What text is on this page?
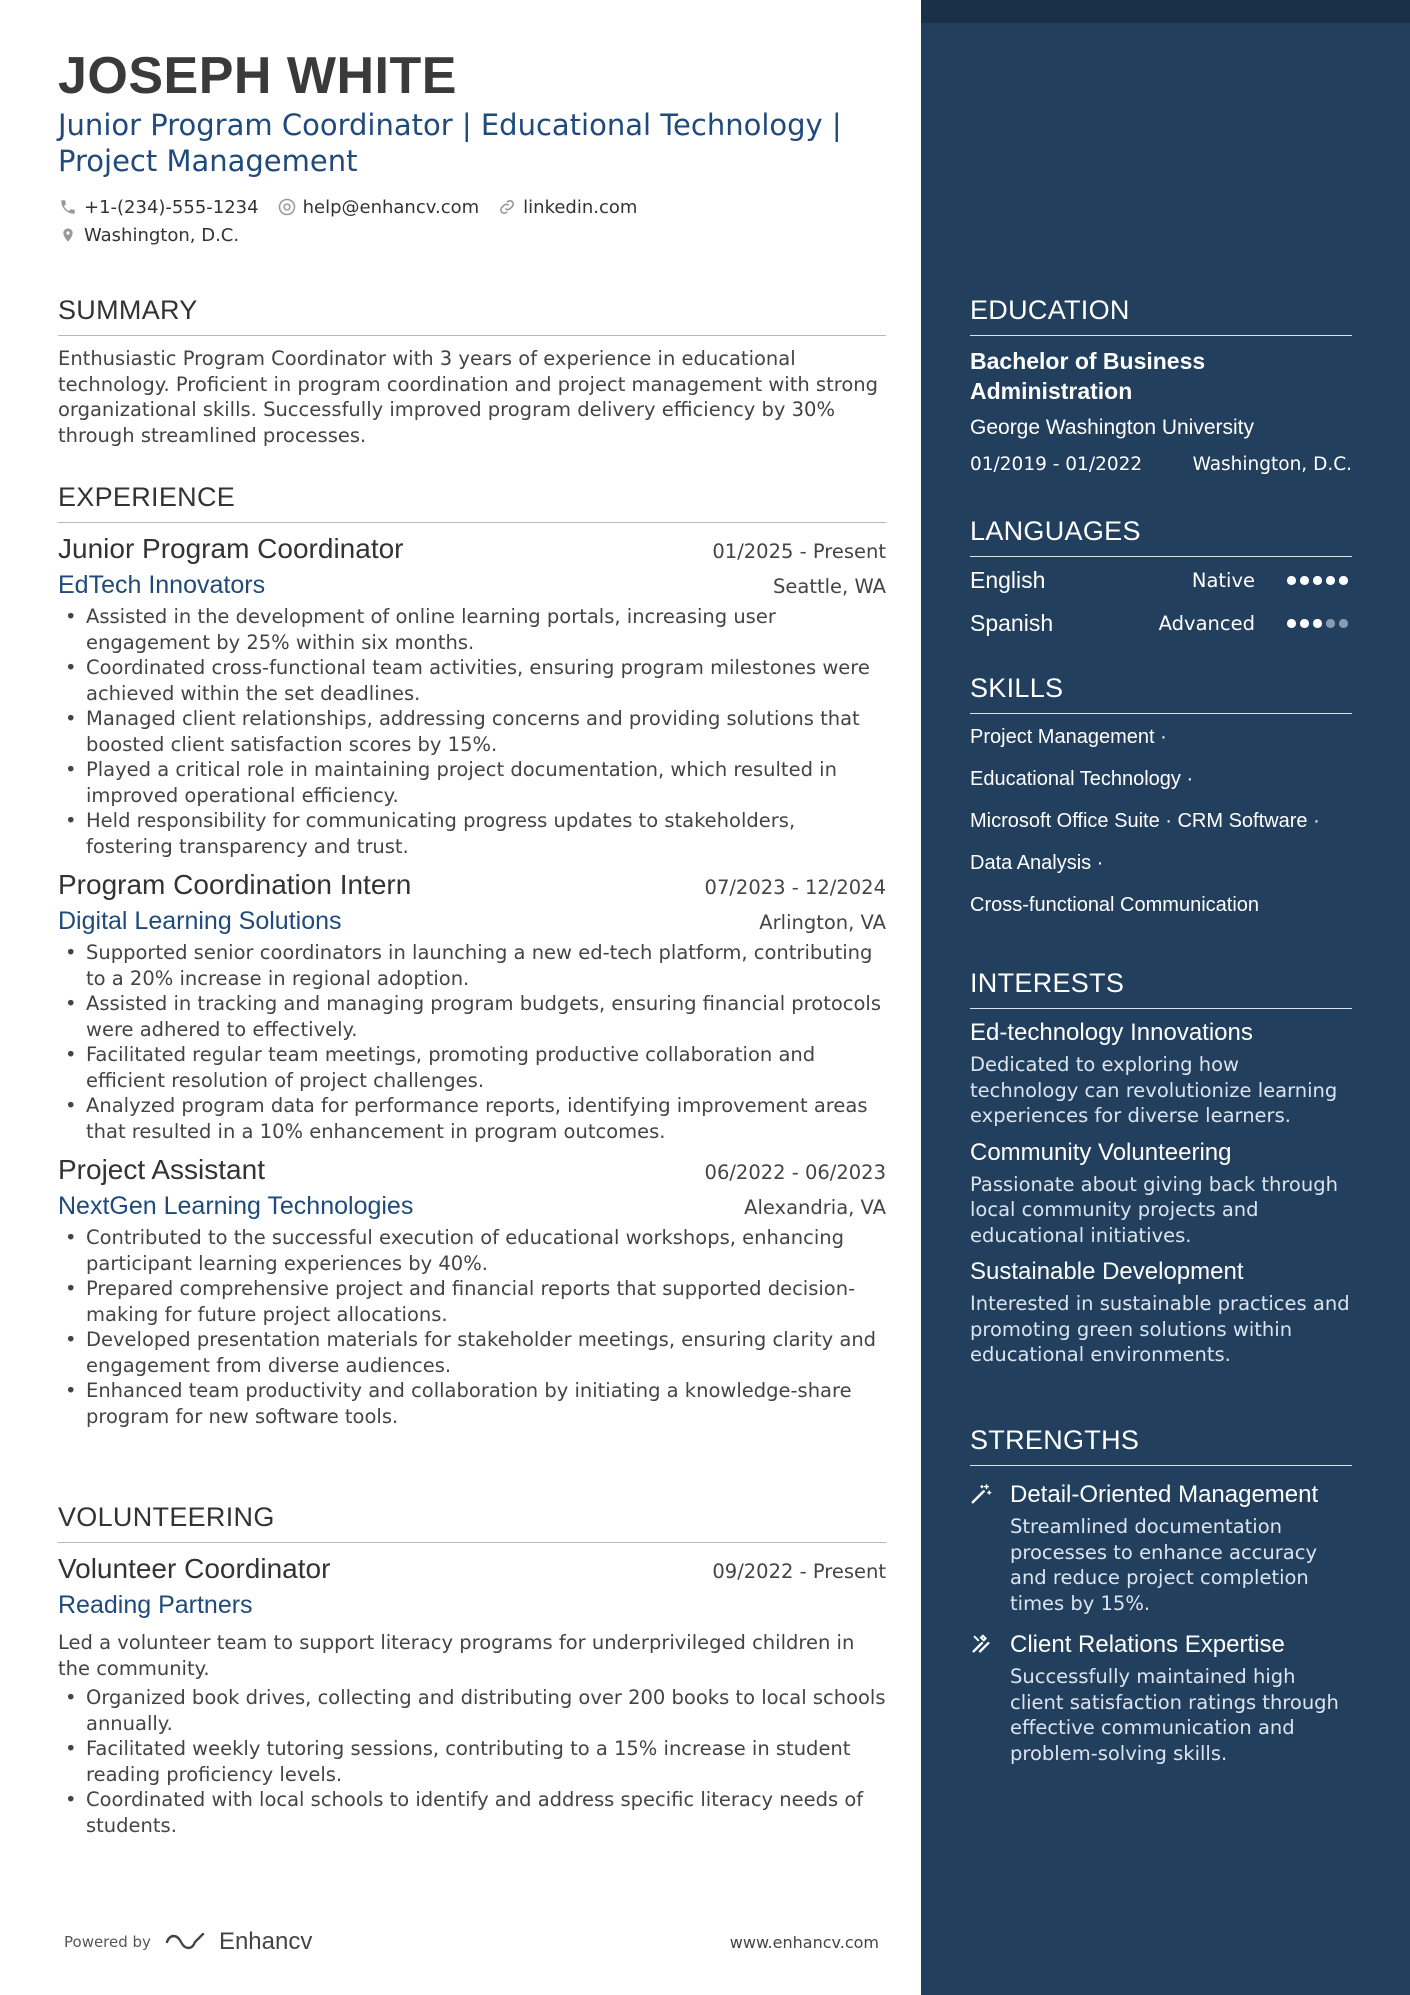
JOSEPH WHITE
Junior Program Coordinator | Educational Technology | Project Management
+1-(234)-555-1234 help@enhancv.com linkedin.com
Washington, D.C.
SUMMARY
Enthusiastic Program Coordinator with 3 years of experience in educational technology. Proficient in program coordination and project management with strong organizational skills. Successfully improved program delivery efficiency by 30% through streamlined processes.
EXPERIENCE
Junior Program Coordinator	01/2025 - Present
EdTech Innovators	Seattle, WA
• Assisted in the development of online learning portals, increasing user engagement by 25% within six months.
• Coordinated cross-functional team activities, ensuring program milestones were achieved within the set deadlines.
• Managed client relationships, addressing concerns and providing solutions that boosted client satisfaction scores by 15%.
• Played a critical role in maintaining project documentation, which resulted in improved operational efficiency.
• Held responsibility for communicating progress updates to stakeholders, fostering transparency and trust.
Program Coordination Intern	07/2023 - 12/2024
Digital Learning Solutions	Arlington, VA
• Supported senior coordinators in launching a new ed-tech platform, contributing to a 20% increase in regional adoption.
• Assisted in tracking and managing program budgets, ensuring financial protocols were adhered to effectively.
• Facilitated regular team meetings, promoting productive collaboration and efficient resolution of project challenges.
• Analyzed program data for performance reports, identifying improvement areas that resulted in a 10% enhancement in program outcomes.
Project Assistant	06/2022 - 06/2023
NextGen Learning Technologies	Alexandria, VA
• Contributed to the successful execution of educational workshops, enhancing participant learning experiences by 40%.
• Prepared comprehensive project and financial reports that supported decision-making for future project allocations.
• Developed presentation materials for stakeholder meetings, ensuring clarity and engagement from diverse audiences.
• Enhanced team productivity and collaboration by initiating a knowledge-share program for new software tools.
VOLUNTEERING
Volunteer Coordinator	09/2022 - Present
Reading Partners
Led a volunteer team to support literacy programs for underprivileged children in the community.
• Organized book drives, collecting and distributing over 200 books to local schools annually.
• Facilitated weekly tutoring sessions, contributing to a 15% increase in student reading proficiency levels.
• Coordinated with local schools to identify and address specific literacy needs of students.
Powered by	Enhancv	www.enhancv.com
EDUCATION
Bachelor of Business Administration
George Washington University
01/2019 - 01/2022	Washington, D.C.
LANGUAGES
English	Native
Spanish	Advanced
SKILLS
Project Management ·
Educational Technology ·
Microsoft Office Suite · CRM Software ·
Data Analysis ·
Cross-functional Communication
INTERESTS
Ed-technology Innovations
Dedicated to exploring how technology can revolutionize learning experiences for diverse learners.
Community Volunteering
Passionate about giving back through local community projects and educational initiatives.
Sustainable Development
Interested in sustainable practices and promoting green solutions within educational environments.
STRENGTHS
Detail-Oriented Management
Streamlined documentation processes to enhance accuracy and reduce project completion times by 15%.
Client Relations Expertise
Successfully maintained high client satisfaction ratings through effective communication and problem-solving skills.
